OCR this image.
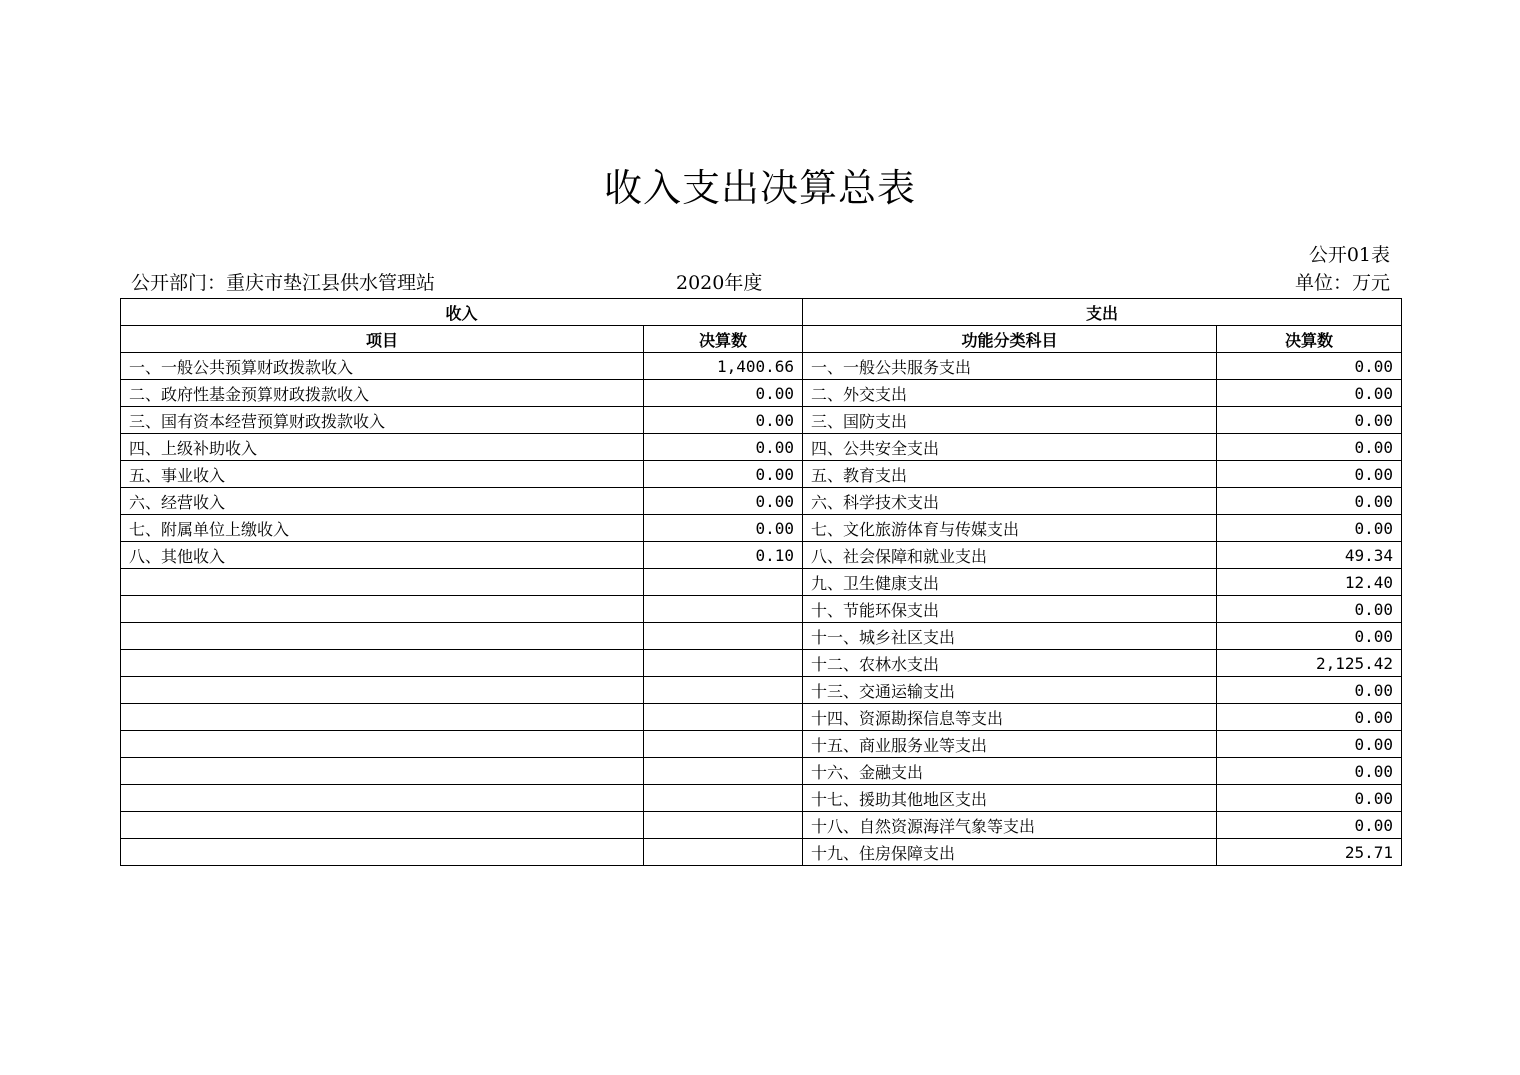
收入支出决算总表
公开01表
公开部门：重庆市垫江县供水管理站	2020年度	单位：万元
收入		支出	
项目	决算数	功能分类科目	决算数
一、一般公共预算财政拨款收入	1,400.66	一、一般公共服务支出	0.00
二、政府性基金预算财政拨款收入	0.00	二、外交支出	0.00
三、国有资本经营预算财政拨款收入	0.00	三、国防支出	0.00
四、上级补助收入	0.00	四、公共安全支出	0.00
五、事业收入	0.00	五、教育支出	0.00
六、经营收入	0.00	六、科学技术支出	0.00
七、附属单位上缴收入	0.00	七、文化旅游体育与传媒支出	0.00
八、其他收入	0.10	八、社会保障和就业支出	49.34
		九、卫生健康支出	12.40
		十、节能环保支出	0.00
		十一、城乡社区支出	0.00
		十二、农林水支出	2,125.42
		十三、交通运输支出	0.00
		十四、资源勘探信息等支出	0.00
		十五、商业服务业等支出	0.00
		十六、金融支出	0.00
		十七、援助其他地区支出	0.00
		十八、自然资源海洋气象等支出	0.00
		十九、住房保障支出	25.71
